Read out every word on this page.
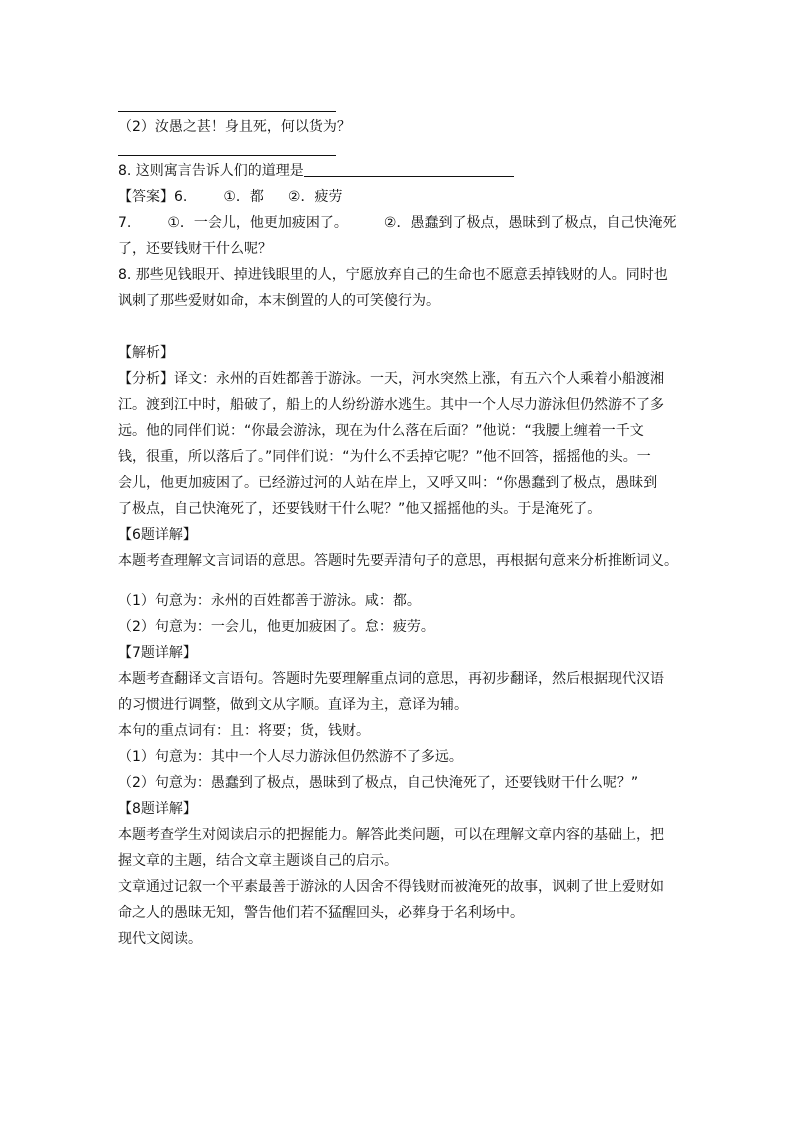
（2）汝愚之甚！身且死，何以货为？
8. 这则寓言告诉人们的道理是
【答案】6.	①．都 ②．疲劳
7.	①．一会儿，他更加疲困了。	②．愚蠢到了极点，愚昧到了极点，自己快淹死
了，还要钱财干什么呢？
8. 那些见钱眼开、掉进钱眼里的人，宁愿放弃自己的生命也不愿意丢掉钱财的人。同时也
讽刺了那些爱财如命，本末倒置的人的可笑傻行为。
【解析】
【分析】译文：永州的百姓都善于游泳。一天，河水突然上涨，有五六个人乘着小船渡湘
江。渡到江中时，船破了，船上的人纷纷游水逃生。其中一个人尽力游泳但仍然游不了多
远。他的同伴们说：“你最会游泳，现在为什么落在后面？”他说：“我腰上缠着一千文
钱，很重，所以落后了。”同伴们说：“为什么不丢掉它呢？”他不回答，摇摇他的头。一
会儿，他更加疲困了。已经游过河的人站在岸上，又呼又叫：“你愚蠢到了极点，愚昧到
了极点，自己快淹死了，还要钱财干什么呢？”他又摇摇他的头。于是淹死了。
【6题详解】
本题考查理解文言词语的意思。答题时先要弄清句子的意思，再根据句意来分析推断词义。
（1）句意为：永州的百姓都善于游泳。咸：都。
（2）句意为：一会儿，他更加疲困了。怠：疲劳。
【7题详解】
本题考查翻译文言语句。答题时先要理解重点词的意思，再初步翻译，然后根据现代汉语
的习惯进行调整，做到文从字顺。直译为主，意译为辅。
本句的重点词有：且：将要；货，钱财。
（1）句意为：其中一个人尽力游泳但仍然游不了多远。
（2）句意为：愚蠢到了极点，愚昧到了极点，自己快淹死了，还要钱财干什么呢？”
【8题详解】
本题考查学生对阅读启示的把握能力。解答此类问题，可以在理解文章内容的基础上，把
握文章的主题，结合文章主题谈自己的启示。
文章通过记叙一个平素最善于游泳的人因舍不得钱财而被淹死的故事，讽刺了世上爱财如
命之人的愚昧无知，警告他们若不猛醒回头，必葬身于名利场中。
现代文阅读。
